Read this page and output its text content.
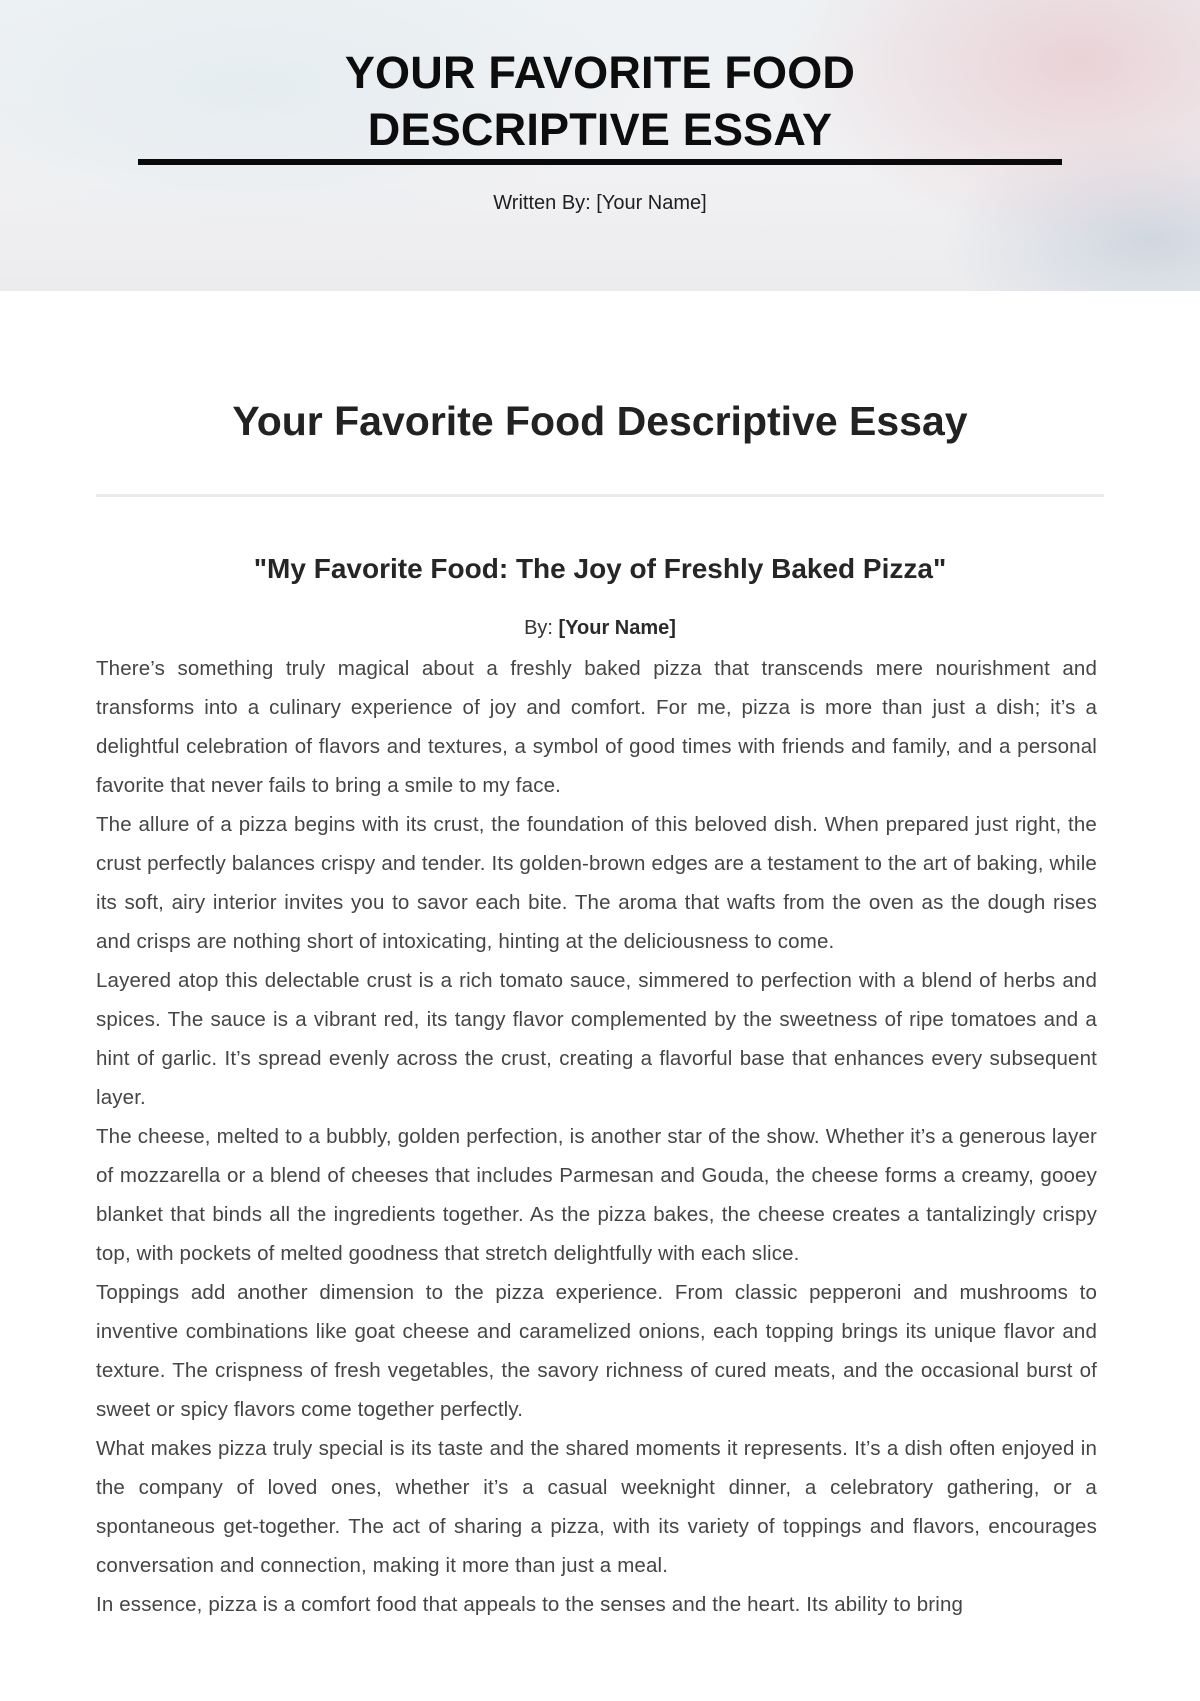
YOUR FAVORITE FOOD
DESCRIPTIVE ESSAY
Written By: [Your Name]
Your Favorite Food Descriptive Essay
"My Favorite Food: The Joy of Freshly Baked Pizza"
By: [Your Name]

There’s something truly magical about a freshly baked pizza that transcends mere nourishment and transforms into a culinary experience of joy and comfort. For me, pizza is more than just a dish; it’s a delightful celebration of flavors and textures, a symbol of good times with friends and family, and a personal favorite that never fails to bring a smile to my face.

The allure of a pizza begins with its crust, the foundation of this beloved dish. When prepared just right, the crust perfectly balances crispy and tender. Its golden-brown edges are a testament to the art of baking, while its soft, airy interior invites you to savor each bite. The aroma that wafts from the oven as the dough rises and crisps are nothing short of intoxicating, hinting at the deliciousness to come.

Layered atop this delectable crust is a rich tomato sauce, simmered to perfection with a blend of herbs and spices. The sauce is a vibrant red, its tangy flavor complemented by the sweetness of ripe tomatoes and a hint of garlic. It’s spread evenly across the crust, creating a flavorful base that enhances every subsequent layer.

The cheese, melted to a bubbly, golden perfection, is another star of the show. Whether it’s a generous layer of mozzarella or a blend of cheeses that includes Parmesan and Gouda, the cheese forms a creamy, gooey blanket that binds all the ingredients together. As the pizza bakes, the cheese creates a tantalizingly crispy top, with pockets of melted goodness that stretch delightfully with each slice.

Toppings add another dimension to the pizza experience. From classic pepperoni and mushrooms to inventive combinations like goat cheese and caramelized onions, each topping brings its unique flavor and texture. The crispness of fresh vegetables, the savory richness of cured meats, and the occasional burst of sweet or spicy flavors come together perfectly.

What makes pizza truly special is its taste and the shared moments it represents. It’s a dish often enjoyed in the company of loved ones, whether it’s a casual weeknight dinner, a celebratory gathering, or a spontaneous get-together. The act of sharing a pizza, with its variety of toppings and flavors, encourages conversation and connection, making it more than just a meal.

In essence, pizza is a comfort food that appeals to the senses and the heart. Its ability to bring
